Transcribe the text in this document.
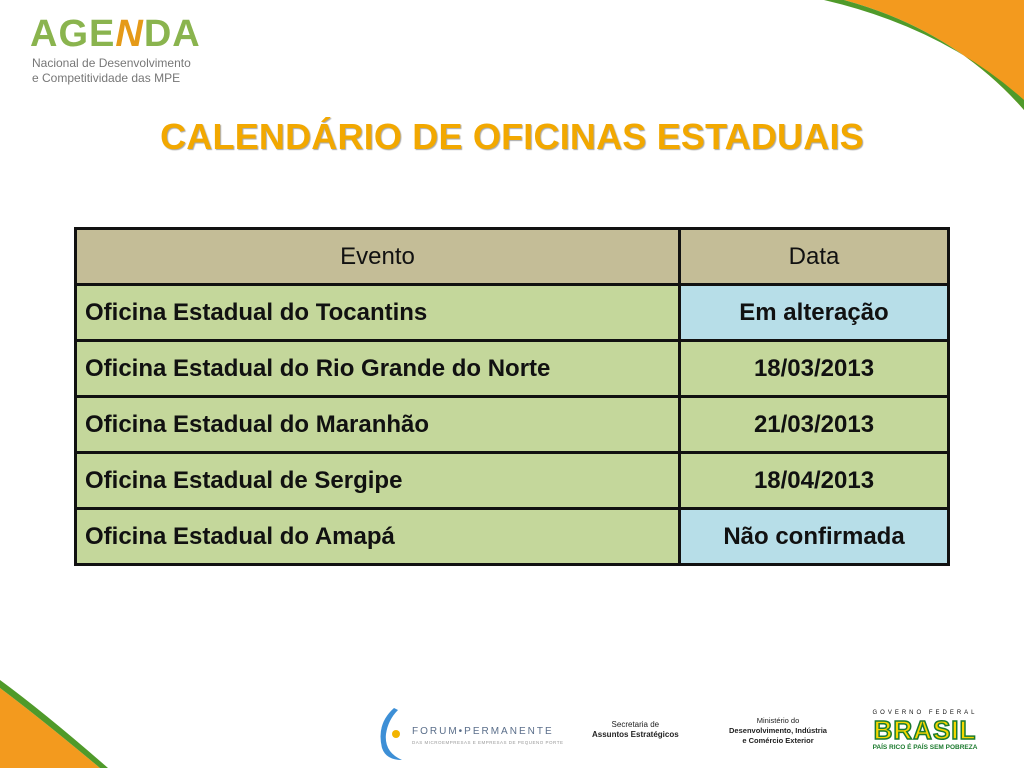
AGENDA
Nacional de Desenvolvimento
e Competitividade das MPE
CALENDÁRIO DE OFICINAS ESTADUAIS
Evento	Data
Oficina Estadual do Tocantins	Em alteração
Oficina Estadual do Rio Grande do Norte	18/03/2013
Oficina Estadual do Maranhão	21/03/2013
Oficina Estadual de Sergipe	18/04/2013
Oficina Estadual do Amapá	Não confirmada
FORUM•PERMANENTE
DAS MICROEMPRESAS E EMPRESAS DE PEQUENO PORTE
Secretaria de
Assuntos Estratégicos
Ministério do
Desenvolvimento, Indústria
e Comércio Exterior
GOVERNO FEDERAL
BRASIL
PAÍS RICO É PAÍS SEM POBREZA
